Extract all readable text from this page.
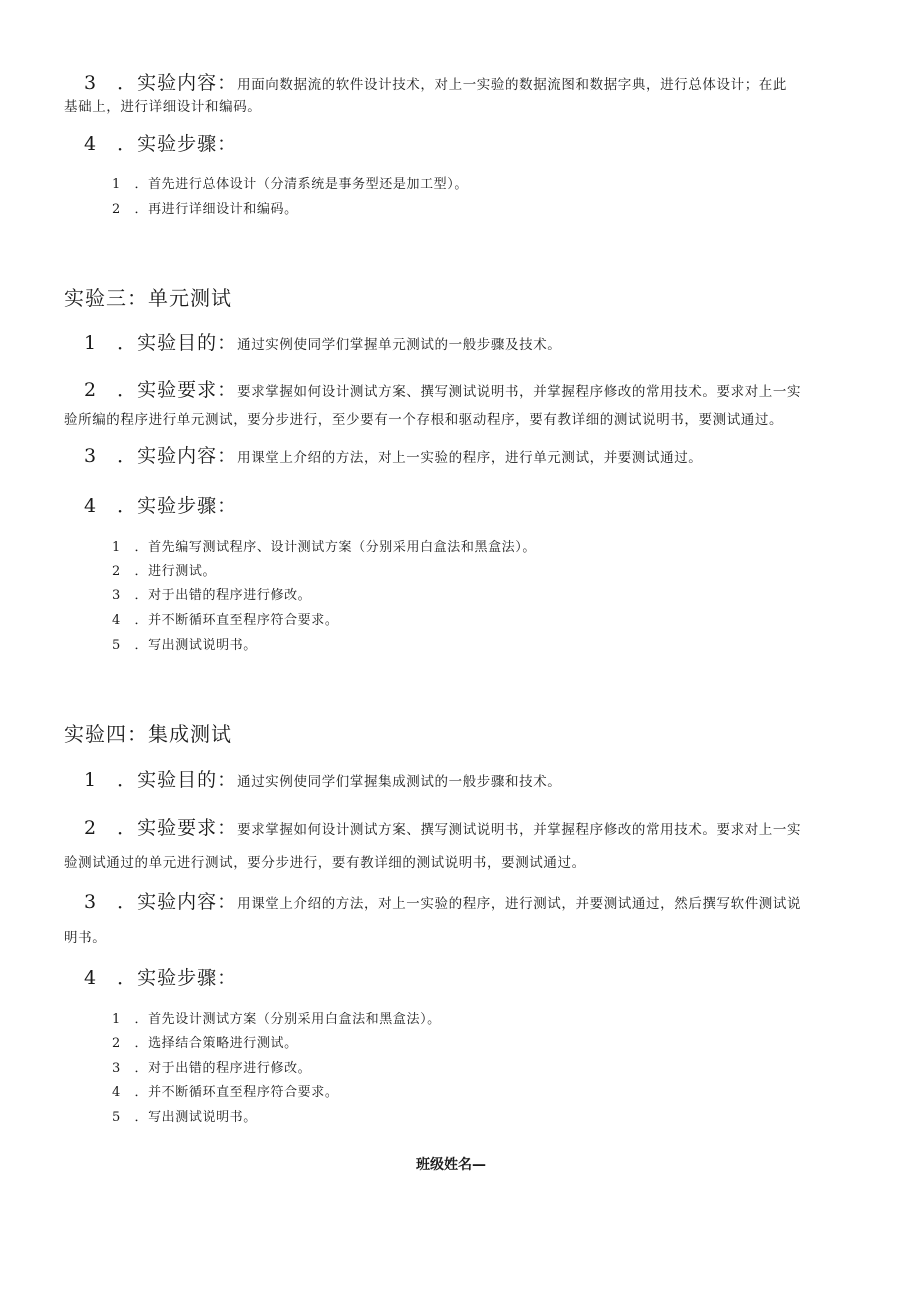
3　．实验内容：用面向数据流的软件设计技术，对上一实验的数据流图和数据字典，进行总体设计；在此
基础上，进行详细设计和编码。
4　．实验步骤：
1　．首先进行总体设计（分清系统是事务型还是加工型）。
2　．再进行详细设计和编码。
实验三：单元测试
1　．实验目的：通过实例使同学们掌握单元测试的一般步骤及技术。
2　．实验要求：要求掌握如何设计测试方案、撰写测试说明书，并掌握程序修改的常用技术。要求对上一实
验所编的程序进行单元测试，要分步进行，至少要有一个存根和驱动程序，要有教详细的测试说明书，要测试通过。
3　．实验内容：用课堂上介绍的方法，对上一实验的程序，进行单元测试，并要测试通过。
4　．实验步骤：
1　．首先编写测试程序、设计测试方案（分别采用白盒法和黑盒法）。
2　．进行测试。
3　．对于出错的程序进行修改。
4　．并不断循环直至程序符合要求。
5　．写出测试说明书。
实验四：集成测试
1　．实验目的：通过实例使同学们掌握集成测试的一般步骤和技术。
2　．实验要求：要求掌握如何设计测试方案、撰写测试说明书，并掌握程序修改的常用技术。要求对上一实
验测试通过的单元进行测试，要分步进行，要有教详细的测试说明书，要测试通过。
3　．实验内容：用课堂上介绍的方法，对上一实验的程序，进行测试，并要测试通过，然后撰写软件测试说
明书。
4　．实验步骤：
1　．首先设计测试方案（分别采用白盒法和黑盒法）。
2　．选择结合策略进行测试。
3　．对于出错的程序进行修改。
4　．并不断循环直至程序符合要求。
5　．写出测试说明书。
班级姓名—
